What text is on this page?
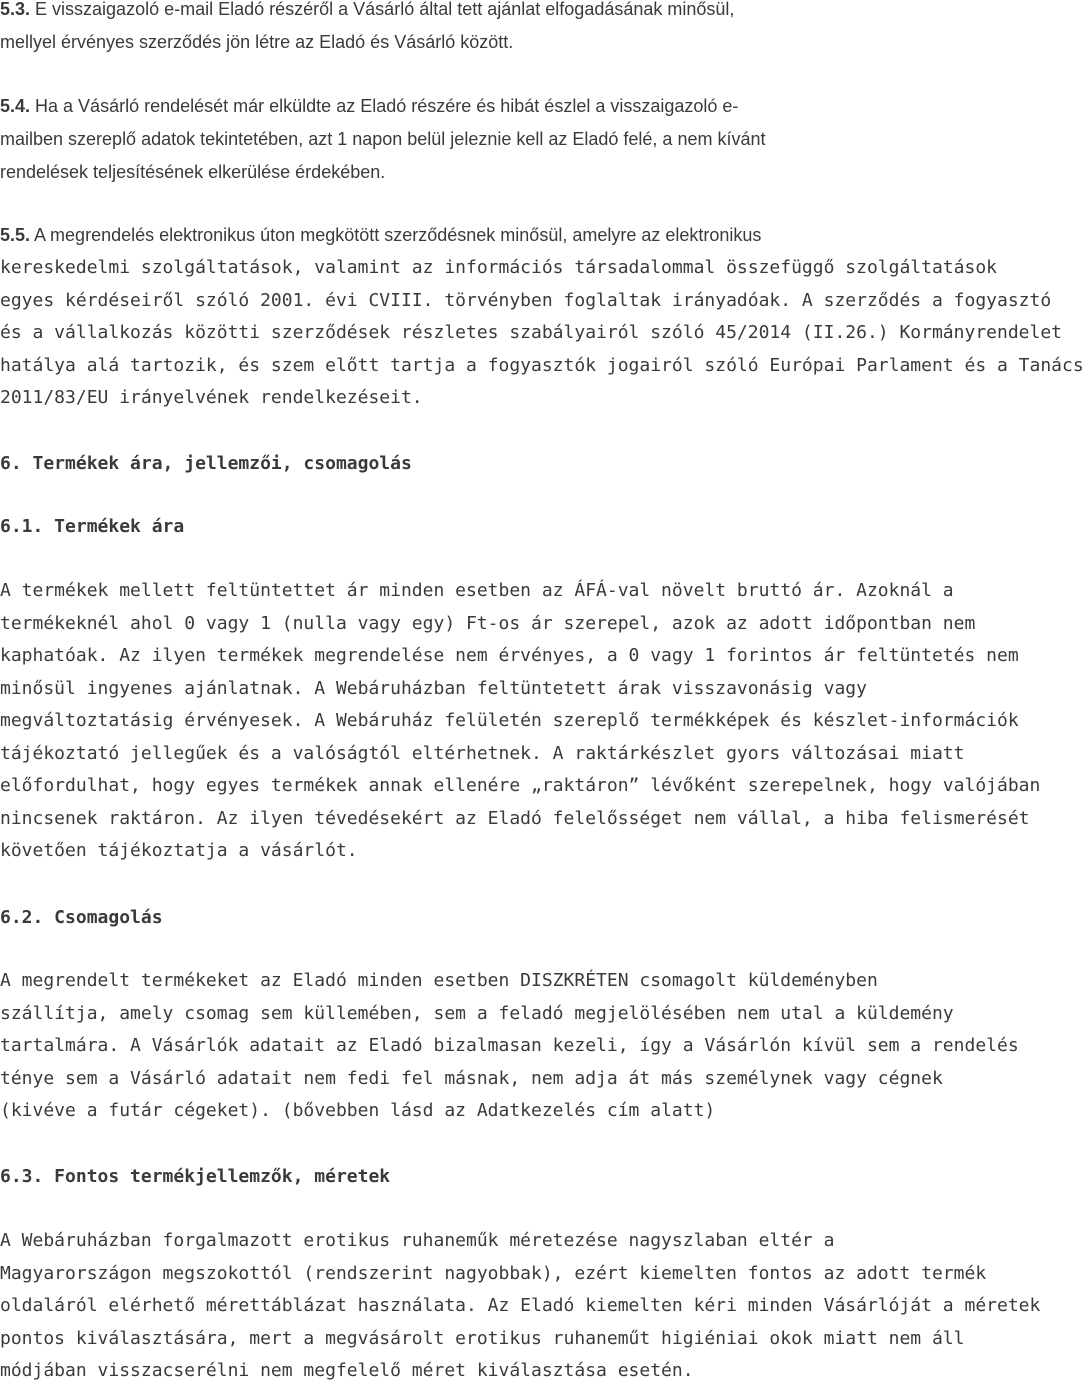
5.3. E visszaigazoló e-mail Eladó részéről a Vásárló által tett ajánlat elfogadásának minősül,
mellyel érvényes szerződés jön létre az Eladó és Vásárló között.
5.4. Ha a Vásárló rendelését már elküldte az Eladó részére és hibát észlel a visszaigazoló e-
mailben szereplő adatok tekintetében, azt 1 napon belül jeleznie kell az Eladó felé, a nem kívánt
rendelések teljesítésének elkerülése érdekében.
5.5. A megrendelés elektronikus úton megkötött szerződésnek minősül, amelyre az elektronikus
kereskedelmi szolgáltatások, valamint az információs társadalommal összefüggő szolgáltatások
egyes kérdéseiről szóló 2001. évi CVIII. törvényben foglaltak irányadóak. A szerződés a fogyasztó
és a vállalkozás közötti szerződések részletes szabályairól szóló 45/2014 (II.26.) Kormányrendelet
hatálya alá tartozik, és szem előtt tartja a fogyasztók jogairól szóló Európai Parlament és a Tanács
2011/83/EU irányelvének rendelkezéseit.
6. Termékek ára, jellemzői, csomagolás
6.1. Termékek ára
A termékek mellett feltüntettet ár minden esetben az ÁFÁ-val növelt bruttó ár. Azoknál a
termékeknél ahol 0 vagy 1 (nulla vagy egy) Ft-os ár szerepel, azok az adott időpontban nem
kaphatóak. Az ilyen termékek megrendelése nem érvényes, a 0 vagy 1 forintos ár feltüntetés nem
minősül ingyenes ajánlatnak. A Webáruházban feltüntetett árak visszavonásig vagy
megváltoztatásig érvényesek. A Webáruház felületén szereplő termékképek és készlet-információk
tájékoztató jellegűek és a valóságtól eltérhetnek. A raktárkészlet gyors változásai miatt
előfordulhat, hogy egyes termékek annak ellenére „raktáron” lévőként szerepelnek, hogy valójában
nincsenek raktáron. Az ilyen tévedésekért az Eladó felelősséget nem vállal, a hiba felismerését
követően tájékoztatja a vásárlót.
6.2. Csomagolás
A megrendelt termékeket az Eladó minden esetben DISZKRÉTEN csomagolt küldeményben
szállítja, amely csomag sem küllemében, sem a feladó megjelölésében nem utal a küldemény
tartalmára. A Vásárlók adatait az Eladó bizalmasan kezeli, így a Vásárlón kívül sem a rendelés
ténye sem a Vásárló adatait nem fedi fel másnak, nem adja át más személynek vagy cégnek
(kivéve a futár cégeket). (bővebben lásd az Adatkezelés cím alatt)
6.3. Fontos termékjellemzők, méretek
A Webáruházban forgalmazott erotikus ruhaneműk méretezése nagyszlaban eltér a
Magyarországon megszokottól (rendszerint nagyobbak), ezért kiemelten fontos az adott termék
oldaláról elérhető mérettáblázat használata. Az Eladó kiemelten kéri minden Vásárlóját a méretek
pontos kiválasztására, mert a megvásárolt erotikus ruhaneműt higiéniai okok miatt nem áll
módjában visszacserélni nem megfelelő méret kiválasztása esetén.
